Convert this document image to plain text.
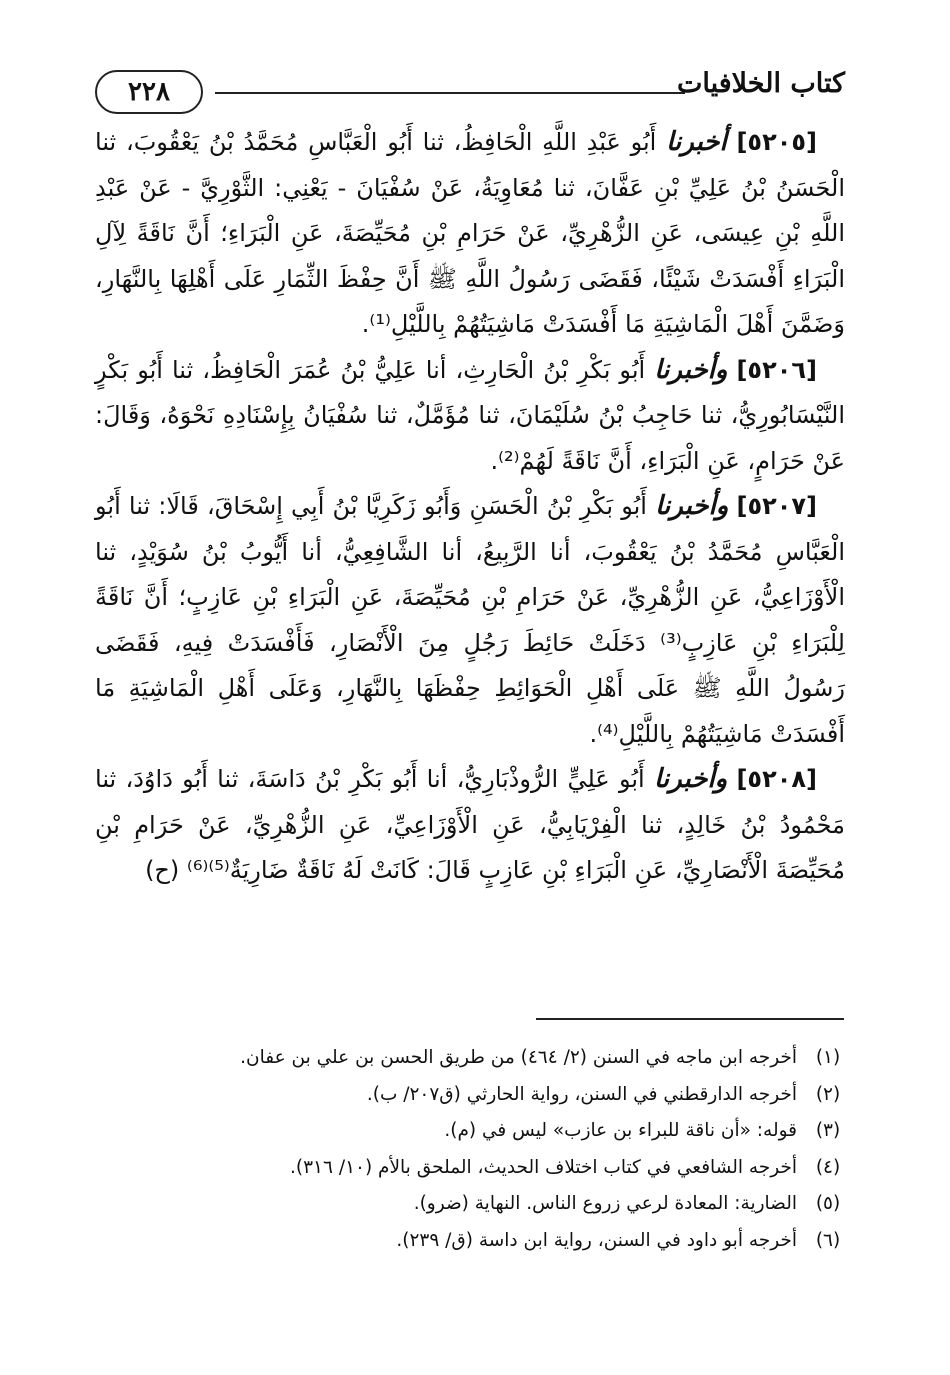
٢٢٨	كتاب الخلافيات

[٥٢٠٥] أخبرنا أَبُو عَبْدِ اللَّهِ الْحَافِظُ، ثنا أَبُو الْعَبَّاسِ مُحَمَّدُ بْنُ يَعْقُوبَ، ثنا الْحَسَنُ بْنُ عَلِيِّ بْنِ عَفَّانَ، ثنا مُعَاوِيَةُ، عَنْ سُفْيَانَ - يَعْنِي: الثَّوْرِيَّ - عَنْ عَبْدِ اللَّهِ بْنِ عِيسَى، عَنِ الزُّهْرِيِّ، عَنْ حَرَامِ بْنِ مُحَيِّصَةَ، عَنِ الْبَرَاءِ؛ أَنَّ نَاقَةً لِآلِ الْبَرَاءِ أَفْسَدَتْ شَيْئًا، فَقَضَى رَسُولُ اللَّهِ ﷺ أَنَّ حِفْظَ الثِّمَارِ عَلَى أَهْلِهَا بِالنَّهَارِ، وَضَمَّنَ أَهْلَ الْمَاشِيَةِ مَا أَفْسَدَتْ مَاشِيَتُهُمْ بِاللَّيْلِ⁽¹⁾.

[٥٢٠٦] وأخبرنا أَبُو بَكْرِ بْنُ الْحَارِثِ، أنا عَلِيُّ بْنُ عُمَرَ الْحَافِظُ، ثنا أَبُو بَكْرٍ النَّيْسَابُورِيُّ، ثنا حَاجِبُ بْنُ سُلَيْمَانَ، ثنا مُؤَمَّلٌ، ثنا سُفْيَانُ بِإِسْنَادِهِ نَحْوَهُ، وَقَالَ: عَنْ حَرَامٍ، عَنِ الْبَرَاءِ، أَنَّ نَاقَةً لَهُمْ⁽²⁾.

[٥٢٠٧] وأخبرنا أَبُو بَكْرِ بْنُ الْحَسَنِ وَأَبُو زَكَرِيَّا بْنُ أَبِي إِسْحَاقَ، قَالَا: ثنا أَبُو الْعَبَّاسِ مُحَمَّدُ بْنُ يَعْقُوبَ، أنا الرَّبِيعُ، أنا الشَّافِعِيُّ، أنا أَيُّوبُ بْنُ سُوَيْدٍ، ثنا الْأَوْزَاعِيُّ، عَنِ الزُّهْرِيِّ، عَنْ حَرَامِ بْنِ مُحَيِّصَةَ، عَنِ الْبَرَاءِ بْنِ عَازِبٍ؛ أَنَّ نَاقَةً لِلْبَرَاءِ بْنِ عَازِبٍ⁽³⁾ دَخَلَتْ حَائِطَ رَجُلٍ مِنَ الْأَنْصَارِ، فَأَفْسَدَتْ فِيهِ، فَقَضَى رَسُولُ اللَّهِ ﷺ عَلَى أَهْلِ الْحَوَائِطِ حِفْظَهَا بِالنَّهَارِ، وَعَلَى أَهْلِ الْمَاشِيَةِ مَا أَفْسَدَتْ مَاشِيَتُهُمْ بِاللَّيْلِ⁽⁴⁾.

[٥٢٠٨] وأخبرنا أَبُو عَلِيٍّ الرُّوذْبَارِيُّ، أنا أَبُو بَكْرِ بْنُ دَاسَةَ، ثنا أَبُو دَاوُدَ، ثنا مَحْمُودُ بْنُ خَالِدٍ، ثنا الْفِرْيَابِيُّ، عَنِ الْأَوْزَاعِيِّ، عَنِ الزُّهْرِيِّ، عَنْ حَرَامِ بْنِ مُحَيِّصَةَ الْأَنْصَارِيِّ، عَنِ الْبَرَاءِ بْنِ عَازِبٍ قَالَ: كَانَتْ لَهُ نَاقَةٌ ضَارِيَةٌ⁽⁵⁾⁽⁶⁾ (ح)

(١)
أخرجه ابن ماجه في السنن (٢/ ٤٦٤) من طريق الحسن بن علي بن عفان.
(٢)
أخرجه الدارقطني في السنن، رواية الحارثي (ق٢٠٧/ ب).
(٣)
قوله: «أن ناقة للبراء بن عازب» ليس في (م).
(٤)
أخرجه الشافعي في كتاب اختلاف الحديث، الملحق بالأم (١٠/ ٣١٦).
(٥)
الضارية: المعادة لرعي زروع الناس. النهاية (ضرو).
(٦)
أخرجه أبو داود في السنن، رواية ابن داسة (ق/ ٢٣٩).
